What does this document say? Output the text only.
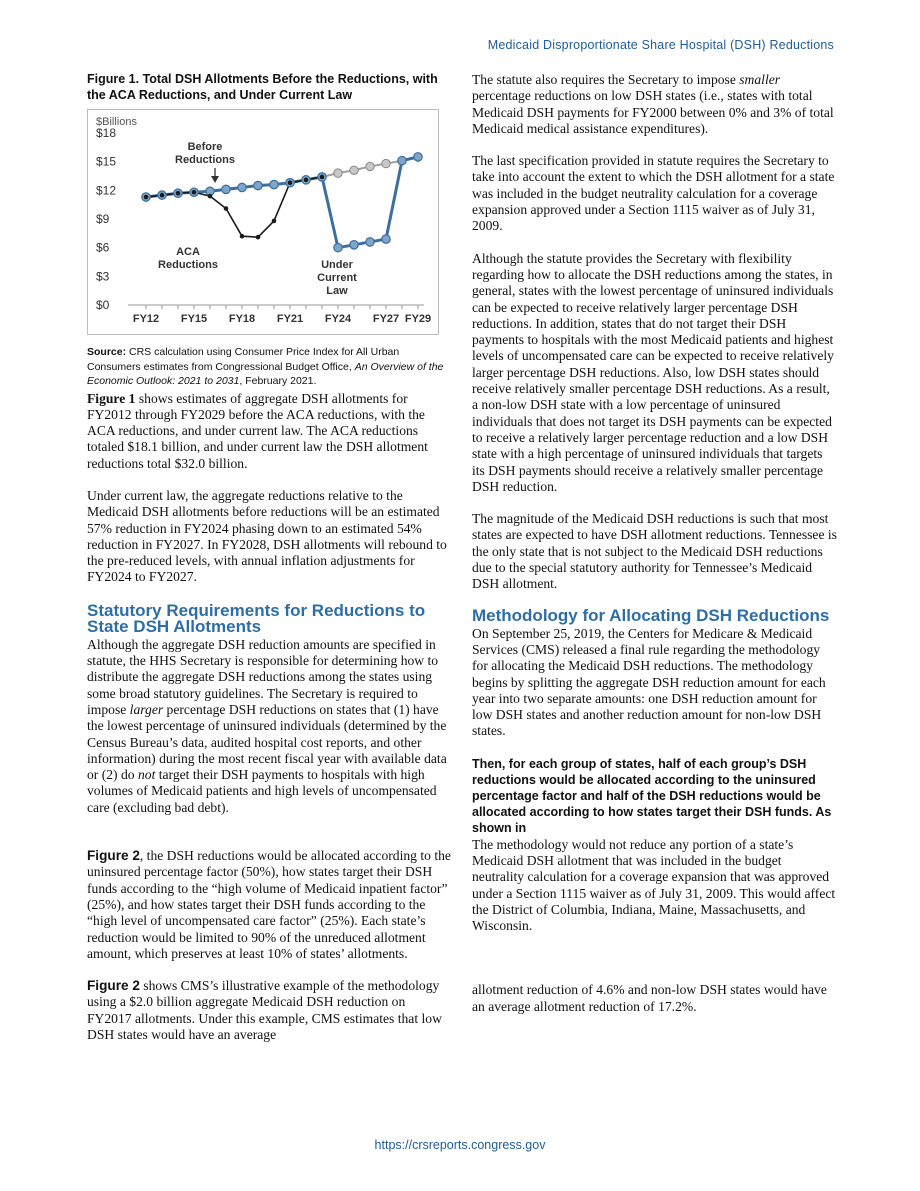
Medicaid Disproportionate Share Hospital (DSH) Reductions
Figure 1. Total DSH Allotments Before the Reductions, with the ACA Reductions, and Under Current Law
$Billions
$0
$3
$6
$9
$12
$15
$18
FY12 FY15 FY18 FY21 FY24 FY27 FY29
Before
Reductions
ACA
Reductions	Under
Current
Law
Source: CRS calculation using Consumer Price Index for All Urban Consumers estimates from Congressional Budget Office, An Overview of the Economic Outlook: 2021 to 2031, February 2021.

Figure 1 shows estimates of aggregate DSH allotments for FY2012 through FY2029 before the ACA reductions, with the ACA reductions, and under current law. The ACA reductions totaled $18.1 billion, and under current law the DSH allotment reductions total $32.0 billion.

Under current law, the aggregate reductions relative to the Medicaid DSH allotments before reductions will be an estimated 57% reduction in FY2024 phasing down to an estimated 54% reduction in FY2027. In FY2028, DSH allotments will rebound to the pre-reduced levels, with annual inflation adjustments for FY2024 to FY2027.

Statutory Requirements for Reductions to State DSH Allotments

Although the aggregate DSH reduction amounts are specified in statute, the HHS Secretary is responsible for determining how to distribute the aggregate DSH reductions among the states using some broad statutory guidelines. The Secretary is required to impose larger percentage DSH reductions on states that (1) have the lowest percentage of uninsured individuals (determined by the Census Bureau’s data, audited hospital cost reports, and other information) during the most recent fiscal year with available data or (2) do not target their DSH payments to hospitals with high volumes of Medicaid patients and high levels of uncompensated care (excluding bad debt).

Figure 2, the DSH reductions would be allocated according to the uninsured percentage factor (50%), how states target their DSH funds according to the “high volume of Medicaid inpatient factor” (25%), and how states target their DSH funds according to the “high level of uncompensated care factor” (25%). Each state’s reduction would be limited to 90% of the unreduced allotment amount, which preserves at least 10% of states’ allotments.

Figure 2 shows CMS’s illustrative example of the methodology using a $2.0 billion aggregate Medicaid DSH reduction on FY2017 allotments. Under this example, CMS estimates that low DSH states would have an average

The statute also requires the Secretary to impose smaller percentage reductions on low DSH states (i.e., states with total Medicaid DSH payments for FY2000 between 0% and 3% of total Medicaid medical assistance expenditures).

The last specification provided in statute requires the Secretary to take into account the extent to which the DSH allotment for a state was included in the budget neutrality calculation for a coverage expansion approved under a Section 1115 waiver as of July 31, 2009.

Although the statute provides the Secretary with flexibility regarding how to allocate the DSH reductions among the states, in general, states with the lowest percentage of uninsured individuals can be expected to receive relatively larger percentage DSH reductions. In addition, states that do not target their DSH payments to hospitals with the most Medicaid patients and highest levels of uncompensated care can be expected to receive relatively larger percentage DSH reductions. Also, low DSH states should receive relatively smaller percentage DSH reductions. As a result, a non-low DSH state with a low percentage of uninsured individuals that does not target its DSH payments can be expected to receive a relatively larger percentage reduction and a low DSH state with a high percentage of uninsured individuals that targets its DSH payments should receive a relatively smaller percentage DSH reduction.

The magnitude of the Medicaid DSH reductions is such that most states are expected to have DSH allotment reductions. Tennessee is the only state that is not subject to the Medicaid DSH reductions due to the special statutory authority for Tennessee’s Medicaid DSH allotment.

Methodology for Allocating DSH Reductions

On September 25, 2019, the Centers for Medicare & Medicaid Services (CMS) released a final rule regarding the methodology for allocating the Medicaid DSH reductions. The methodology begins by splitting the aggregate DSH reduction amount for each year into two separate amounts: one DSH reduction amount for low DSH states and another reduction amount for non-low DSH states.

Then, for each group of states, half of each group’s DSH reductions would be allocated according to the uninsured percentage factor and half of the DSH reductions would be allocated according to how states target their DSH funds. As shown in

The methodology would not reduce any portion of a state’s Medicaid DSH allotment that was included in the budget neutrality calculation for a coverage expansion that was approved under a Section 1115 waiver as of July 31, 2009. This would affect the District of Columbia, Indiana, Maine, Massachusetts, and Wisconsin.

allotment reduction of 4.6% and non-low DSH states would have an average allotment reduction of 17.2%.

https://crsreports.congress.gov
